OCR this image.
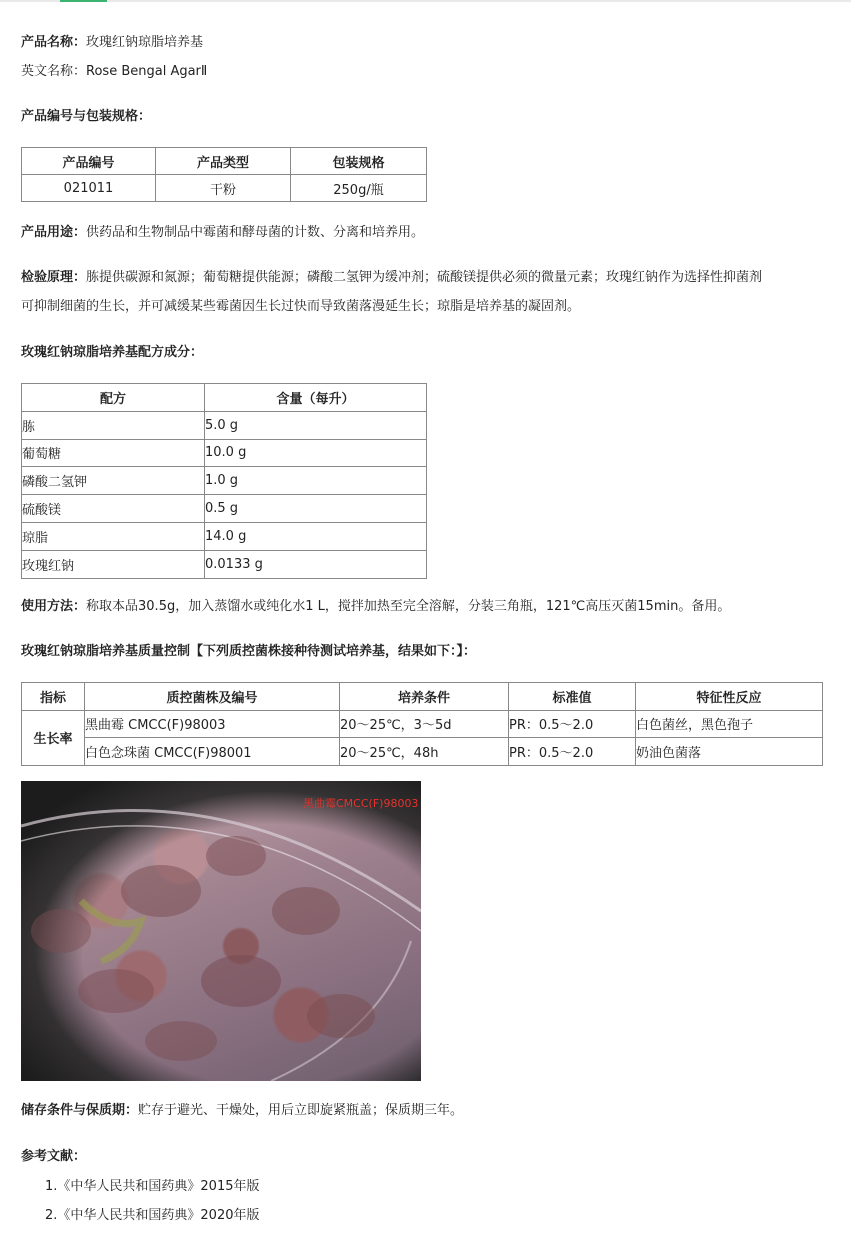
产品名称：玫瑰红钠琼脂培养基
英文名称：Rose Bengal AgarⅡ
产品编号与包装规格：
产品编号	产品类型	包装规格
021011	干粉	250g/瓶
产品用途：供药品和生物制品中霉菌和酵母菌的计数、分离和培养用。
检验原理：胨提供碳源和氮源；葡萄糖提供能源；磷酸二氢钾为缓冲剂；硫酸镁提供必须的微量元素；玫瑰红钠作为选择性抑菌剂
可抑制细菌的生长，并可减缓某些霉菌因生长过快而导致菌落漫延生长；琼脂是培养基的凝固剂。
玫瑰红钠琼脂培养基配方成分：
配方	含量（每升）
胨	5.0 g
葡萄糖	10.0 g
磷酸二氢钾	1.0 g
硫酸镁	0.5 g
琼脂	14.0 g
玫瑰红钠	0.0133 g
使用方法：称取本品30.5g，加入蒸馏水或纯化水1 L，搅拌加热至完全溶解，分装三角瓶，121℃高压灭菌15min。备用。
玫瑰红钠琼脂培养基质量控制【下列质控菌株接种待测试培养基，结果如下：】：
指标	质控菌株及编号	培养条件	标准值	特征性反应
生长率	黑曲霉 CMCC(F)98003	20～25℃，3～5d	PR：0.5～2.0	白色菌丝，黑色孢子
	白色念珠菌 CMCC(F)98001	20～25℃，48h	PR：0.5～2.0	奶油色菌落
黑曲霉CMCC(F)98003
储存条件与保质期：贮存于避光、干燥处，用后立即旋紧瓶盖；保质期三年。
参考文献：
1.《中华人民共和国药典》2015年版
2.《中华人民共和国药典》2020年版
